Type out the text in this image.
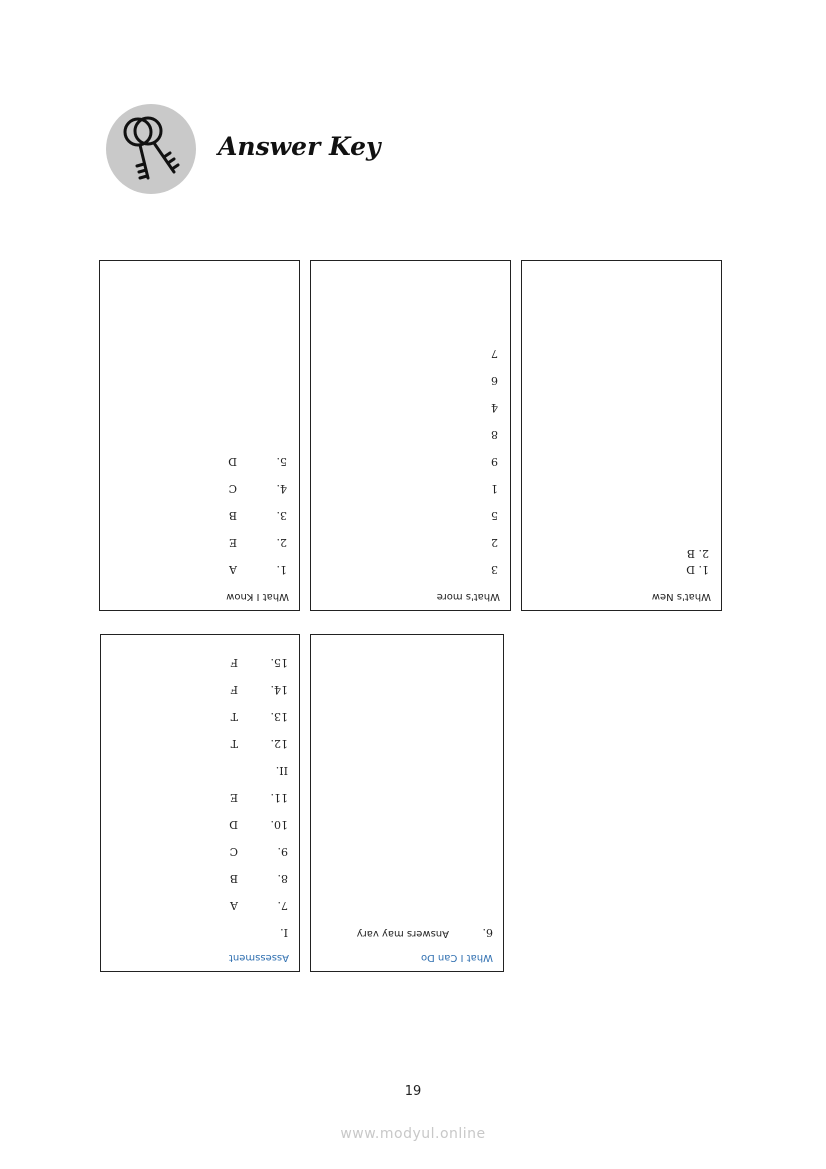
Answer Key
What I Know
1.
A
2.
E
3.
B
4.
C
5.
D
What's more
3
2
5
1
9
8
4
6
7
What's New
1. D
2. B
Assessment
I.
7.
A
8.
B
9.
C
10.
D
11.
E
II.
12.
T
13.
T
14.
F
15.
F
What I Can Do
6.
Answers may vary
19
www.modyul.online
